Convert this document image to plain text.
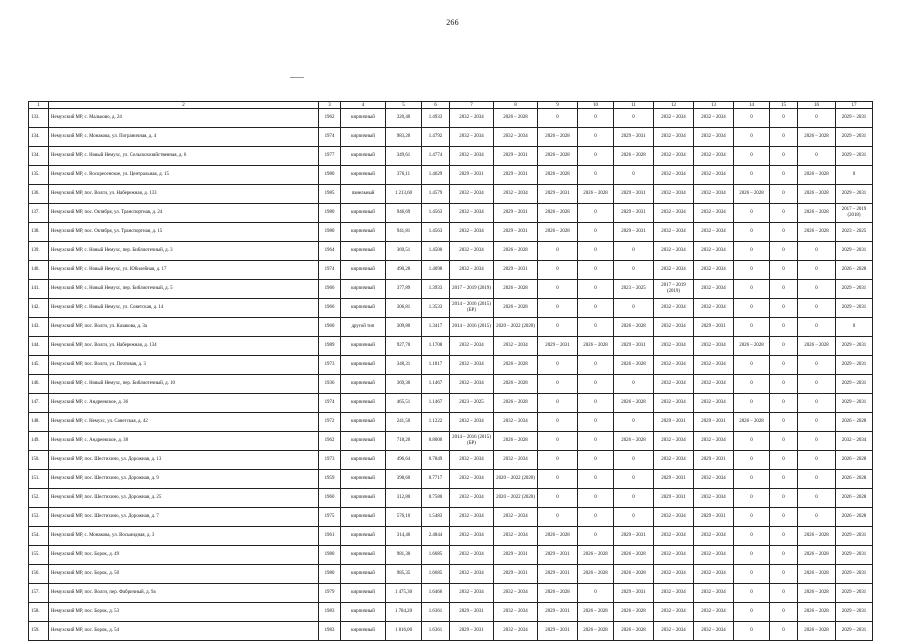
266
1	2	3	4	5	6	7	8	9	10	11	12	13	14	15	16	17
133.	Немухский МР, с. Мальково, д. 24	1962	кирпичный	320,40	1.4933	2032 – 2034	2026 – 2028	0	0	0	2032 – 2034	2032 – 2034	0	0	0	2029 – 2031
134.	Немухский МР, с. Монакова, ул. Пограничная, д. 4	1974	кирпичный	983,20	1.4792	2032 – 2034	2032 – 2034	2026 – 2028	0	2029 – 2031	2032 – 2034	2032 – 2034	0	0	2026 – 2028	2029 – 2031
134.	Немухский МР, с. Новый Немухс, ул. Сельскохозяйственная, д. 6	1977	кирпичный	349,61	1.4774	2032 – 2034	2029 – 2031	2026 – 2028	0	2026 – 2028	2032 – 2034	2032 – 2034	0	0	0	2029 – 2031
135.	Немухский МР, с. Воскресенское, ул. Центральная, д. 15	1980	кирпичный	376,11	1.4629	2029 – 2031	2029 – 2031	2026 – 2028	0	0	2032 – 2034	2032 – 2034	0	0	2026 – 2028	0
136.	Немухский МР, пос. Волги, ул. Набережная, д. 133	1985	панельный	1 213,60	1.4579	2032 – 2034	2032 – 2034	2029 – 2031	2026 – 2028	2029 – 2031	2032 – 2034	2032 – 2034	2026 – 2028	0	2026 – 2028	2029 – 2031
137.	Немухский МР, пос. Октября, ул. Транспортная, д. 24	1980	кирпичный	946,69	1.4563	2032 – 2034	2029 – 2031	2026 – 2028	0	2029 – 2031	2032 – 2034	2032 – 2034	0	0	2026 – 2028	2017 – 2019 (2018)
138.	Немухский МР, пос. Октября, ул. Транспортная, д. 15	1980	кирпичный	941,81	1.4563	2032 – 2034	2029 – 2031	2026 – 2028	0	2029 – 2031	2032 – 2034	2032 – 2034	0	0	2026 – 2028	2023 – 2025
139.	Немухский МР, с. Новый Немухс, пер. Библиотечный, д. 3	1964	кирпичный	369,51	1.4500	2032 – 2034	2026 – 2028	0	0	0	2032 – 2034	2032 – 2034	0	0	0	2029 – 2031
140.	Немухский МР, с. Новый Немухс, ул. Юбилейная, д. 17	1974	кирпичный	490,28	1.4098	2032 – 2034	2029 – 2031	0	0	0	2032 – 2034	2032 – 2034	0	0	0	2026 – 2028
141.	Немухский МР, с. Новый Немухс, пер. Библиотечный, д. 5	1966	кирпичный	377,89	1.3933	2017 – 2019 (2019)	2026 – 2028	0	0	2023 – 2025	2017 – 2019 (2019)	2032 – 2034	0	0	0	2029 – 2031
142.	Немухский МР, с. Новый Немухс, ул. Советская, д. 14	1966	кирпичный	306,81	1.3533	2014 – 2016 (2015) (БР)	2026 – 2028	0	0	0	2032 – 2034	2032 – 2034	0	0	0	2029 – 2031
143.	Немухский МР, пос. Волги, ул. Казакова, д. 3а	1960	другой тип	309,80	1.3417	2014 – 2016 (2015)	2020 – 2022 (2020)	0	0	2026 – 2028	2032 – 2034	2029 – 2031	0	0	0	0
144.	Немухский МР, пос. Волги, ул. Набережная, д. 134	1989	кирпичный	927,70	1.1708	2032 – 2034	2032 – 2034	2029 – 2031	2026 – 2028	2029 – 2031	2032 – 2034	2032 – 2034	2026 – 2028	0	2026 – 2028	2029 – 2031
145.	Немухский МР, пос. Волги, ул. Почтовая, д. 3	1973	кирпичный	348,31	1.1817	2032 – 2034	2026 – 2028	0	0	2026 – 2028	2032 – 2034	2032 – 2034	0	0	0	2029 – 2031
146.	Немухский МР, с. Новый Немухс, пер. Библиотечный, д. 10	1936	кирпичный	369,30	1.1467	2032 – 2034	2026 – 2028	0	0	0	2032 – 2034	2032 – 2034	0	0	0	2029 – 2031
147.	Немухский МР, с. Андреевское, д. 36	1974	кирпичный	465,51	1.1467	2023 – 2025	2026 – 2028	0	0	2026 – 2028	2032 – 2034	2032 – 2034	0	0	0	2029 – 2031
148.	Немухский МР, с. Немухс, ул. Советская, д. 42	1972	кирпичный	241,50	1.1222	2032 – 2034	2032 – 2034	0	0	0	2029 – 2031	2029 – 2031	2026 – 2028	0	0	2026 – 2028
149.	Немухский МР, с. Андреевское, д. 38	1962	кирпичный	718,20	0.8000	2014 – 2016 (2015) (БР)	2026 – 2028	0	0	2026 – 2028	2032 – 2034	2032 – 2034	0	0	0	2032 – 2034
150.	Немухский МР, пос. Шестихино, ул. Дорожная, д. 13	1973	кирпичный	496,64	0.7849	2032 – 2034	2032 – 2034	0	0	0	2032 – 2034	2029 – 2031	0	0	0	2026 – 2028
151.	Немухский МР, пос. Шестихино, ул. Дорожная, д. 9	1959	кирпичный	398,60	0.7717	2032 – 2034	2020 – 2022 (2020)	0	0	0	2029 – 2031	2032 – 2034	0	0	0	2026 – 2028
152.	Немухский МР, пос. Шестихино, ул. Дорожная, д. 25	1960	кирпичный	312,80	0.7580	2032 – 2034	2020 – 2022 (2020)	0	0	0	2029 – 2031	2032 – 2034	0	0	0	2026 – 2028
153.	Немухский МР, пос. Шестихино, ул. Дорожная, д. 7	1975	кирпичный	576,10	1.5483	2032 – 2034	2032 – 2034	0	0	0	2032 – 2034	2029 – 2031	0	0	0	2026 – 2028
154.	Немухский МР, с. Монакова, ул. Восьмидная, д. 3	1961	кирпичный	314,40	2.4844	2032 – 2034	2032 – 2034	2026 – 2028	0	2029 – 2031	2032 – 2034	2032 – 2034	0	0	2026 – 2028	2029 – 2031
155.	Немухский МР, пос. Борок, д. 49	1980	кирпичный	981,30	1.6685	2032 – 2034	2029 – 2031	2029 – 2031	2026 – 2028	2026 – 2028	2032 – 2034	2032 – 2034	0	0	2026 – 2028	2029 – 2031
156.	Немухский МР, пос. Борок, д. 50	1980	кирпичный	985,35	1.6685	2032 – 2034	2029 – 2031	2029 – 2031	2026 – 2028	2026 – 2028	2032 – 2034	2032 – 2034	0	0	2026 – 2028	2029 – 2031
157.	Немухский МР, пос. Волги, пер. Фабричный, д. 9а	1979	кирпичный	1 475,30	1.6466	2032 – 2034	2032 – 2034	2026 – 2028	0	2029 – 2031	2032 – 2034	2032 – 2034	0	0	2026 – 2028	2029 – 2031
158.	Немухский МР, пос. Борок, д. 53	1983	кирпичный	1 784,20	1.6361	2029 – 2031	2032 – 2034	2029 – 2031	2026 – 2028	2026 – 2028	2032 – 2034	2032 – 2034	0	0	2026 – 2028	2029 – 2031
159.	Немухский МР, пос. Борок, д. 54	1983	кирпичный	1 816,00	1.6361	2029 – 2031	2032 – 2034	2029 – 2031	2026 – 2028	2026 – 2028	2032 – 2034	2032 – 2034	0	0	2026 – 2028	2029 – 2031
